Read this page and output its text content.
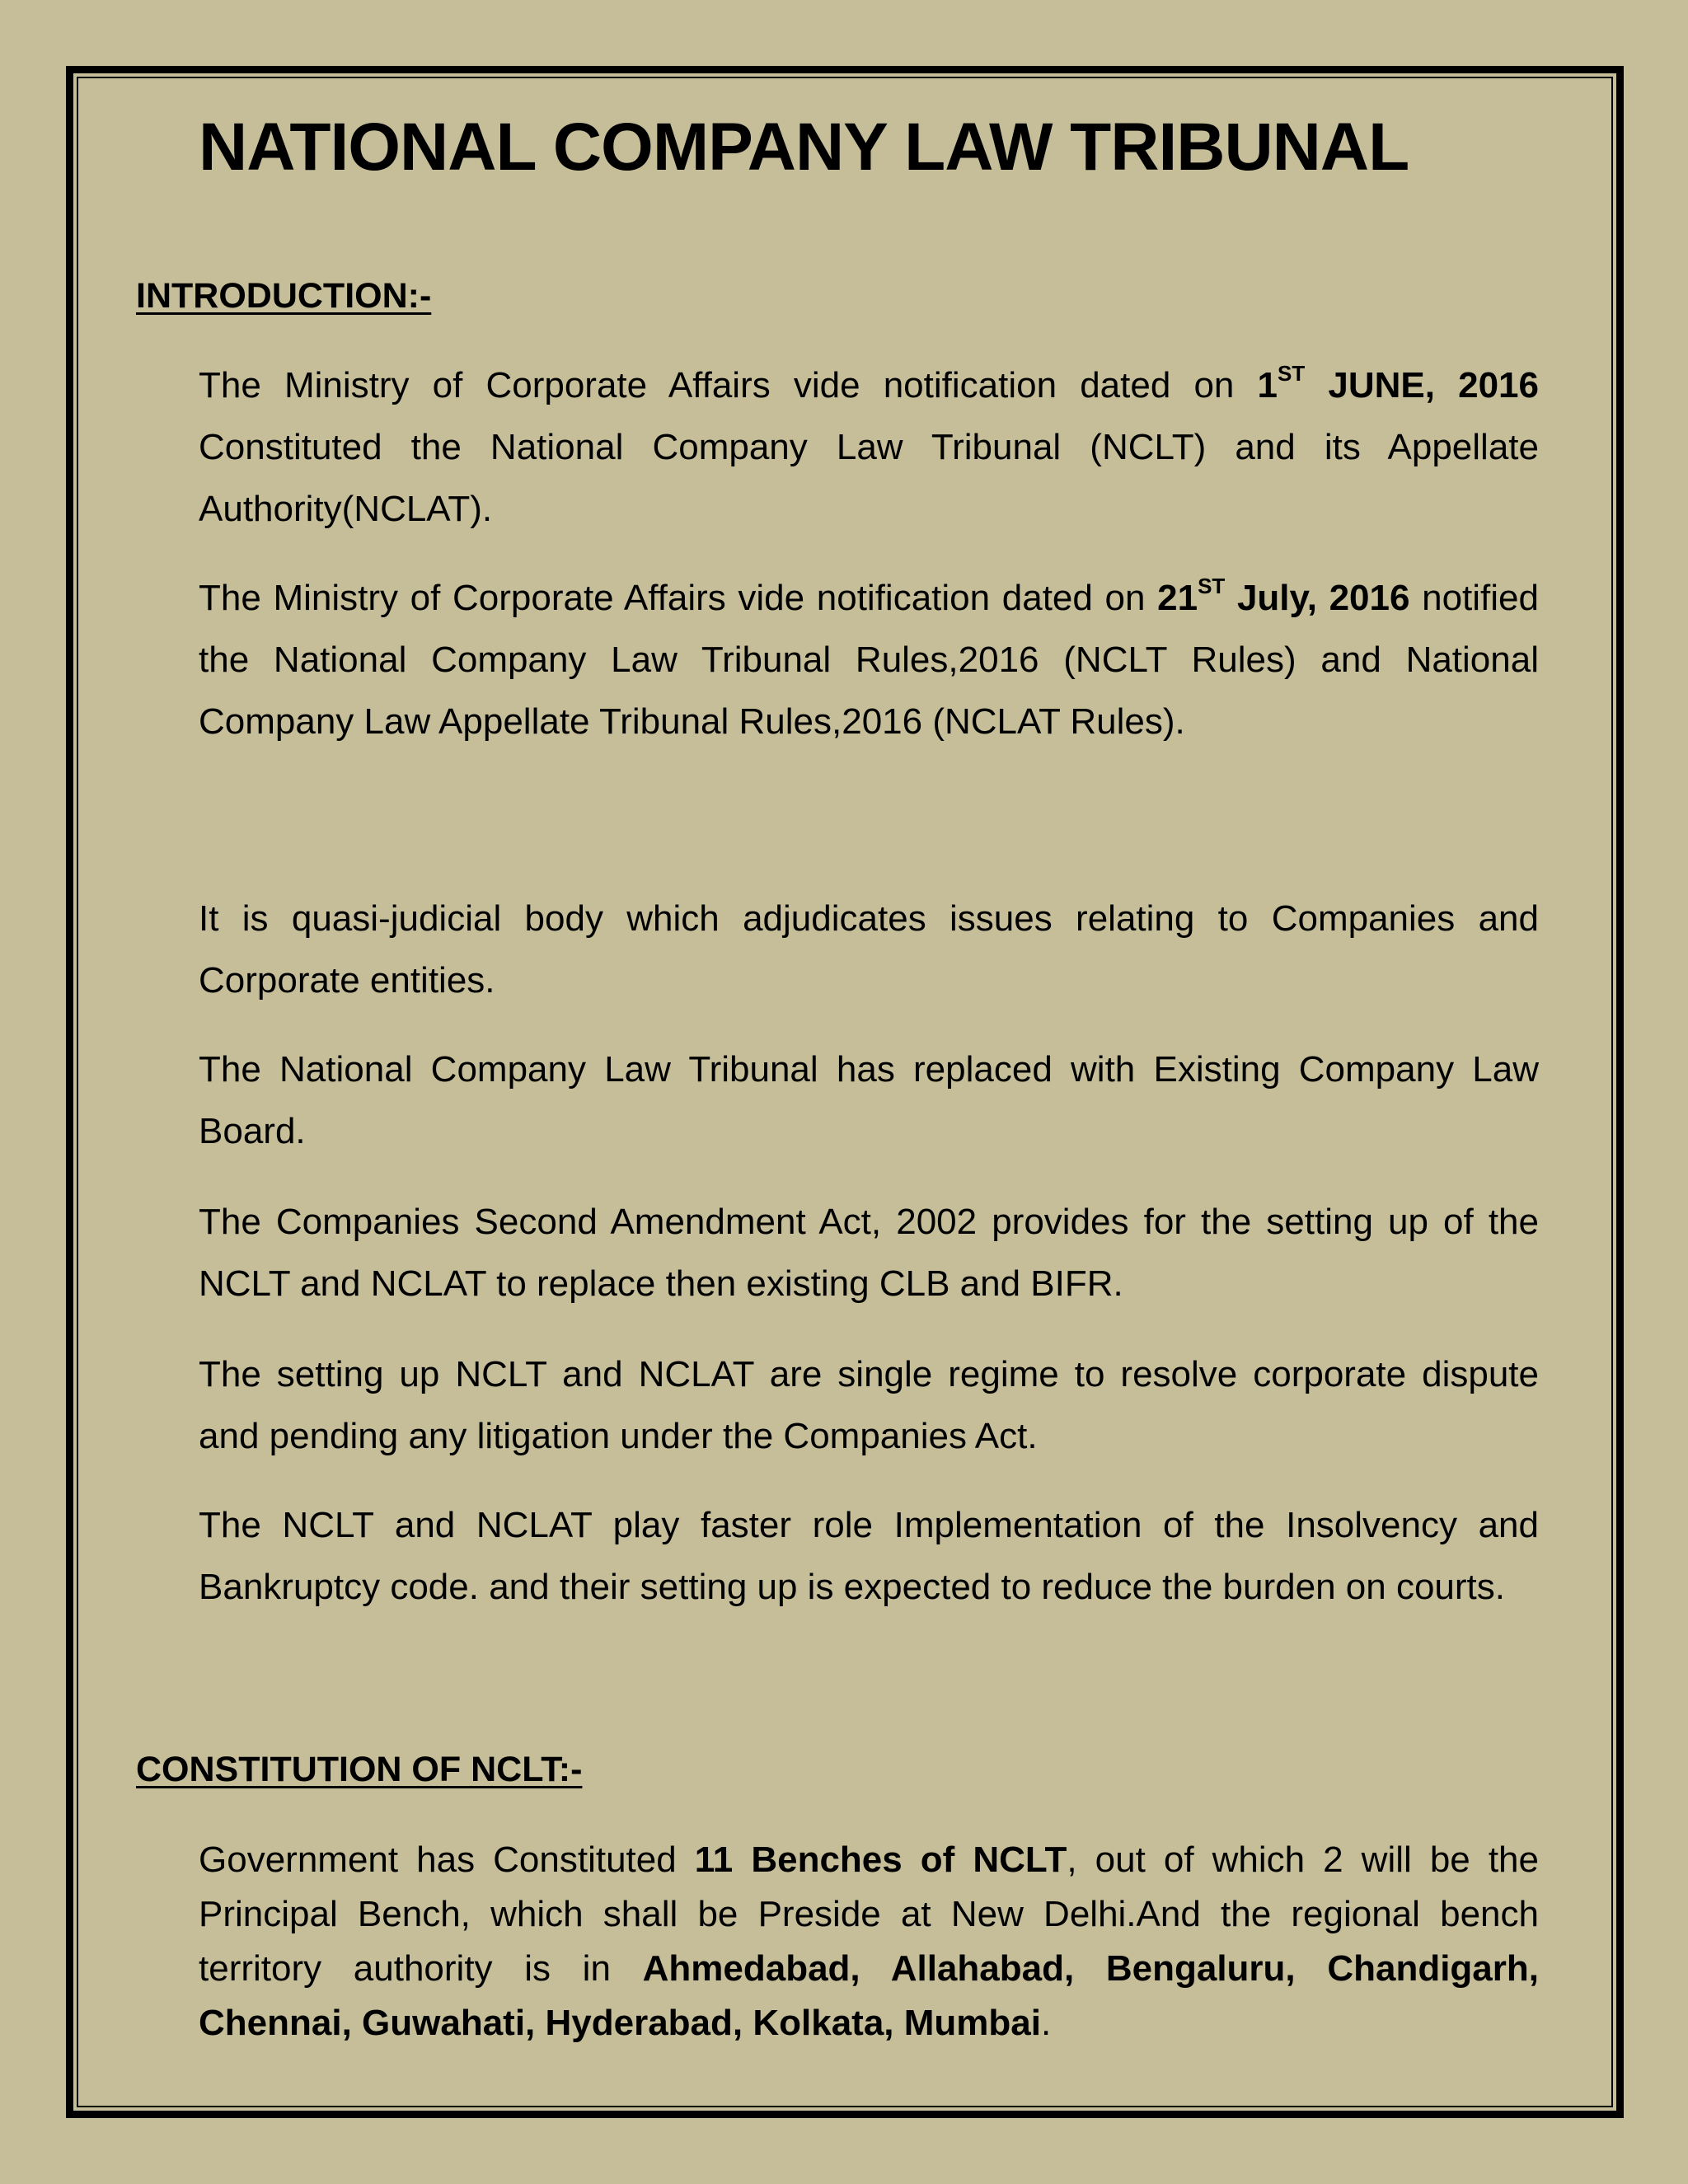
NATIONAL COMPANY LAW TRIBUNAL
INTRODUCTION:-

The Ministry of Corporate Affairs vide notification dated on 1ST JUNE, 2016 Constituted the National Company Law Tribunal (NCLT) and its Appellate Authority(NCLAT).

The Ministry of Corporate Affairs vide notification dated on 21ST July, 2016 notified the National Company Law Tribunal Rules,2016 (NCLT Rules) and National Company Law Appellate Tribunal Rules,2016 (NCLAT Rules).

It is quasi-judicial body which adjudicates issues relating to Companies and Corporate entities.

The National Company Law Tribunal has replaced with Existing Company Law Board.

The Companies Second Amendment Act, 2002 provides for the setting up of the NCLT and NCLAT to replace then existing CLB and BIFR.

The setting up NCLT and NCLAT are single regime to resolve corporate dispute and pending any litigation under the Companies Act.

The NCLT and NCLAT play faster role Implementation of the Insolvency and Bankruptcy code. and their setting up is expected to reduce the burden on courts.

CONSTITUTION OF NCLT:-

Government has Constituted 11 Benches of NCLT, out of which 2 will be the Principal Bench, which shall be Preside at New Delhi.And the regional bench territory authority is in Ahmedabad, Allahabad, Bengaluru, Chandigarh, Chennai, Guwahati, Hyderabad, Kolkata, Mumbai.
